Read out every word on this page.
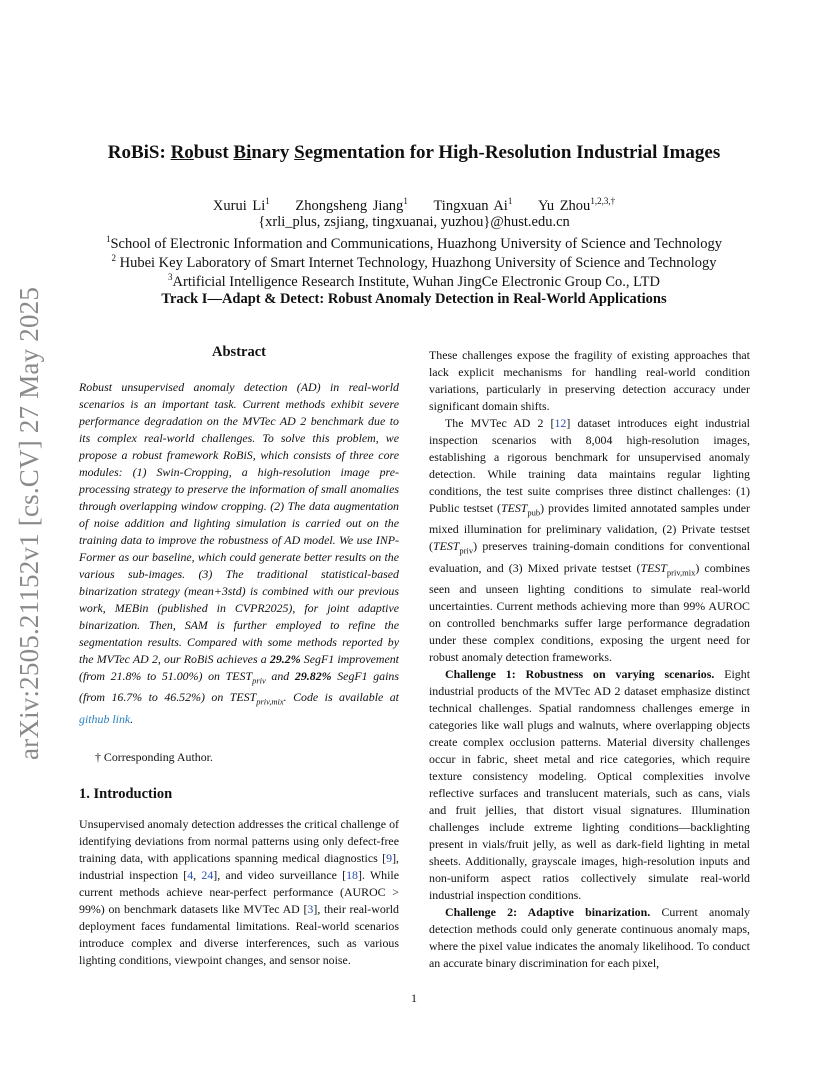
arXiv:2505.21152v1 [cs.CV] 27 May 2025
RoBiS: Robust Binary Segmentation for High-Resolution Industrial Images
Xurui Li$^1$ Zhongsheng Jiang$^1$ Tingxuan Ai$^1$ Yu Zhou$^{1,2,3,\dagger}$
{xrli_plus, zsjiang, tingxuanai, yuzhou}@hust.edu.cn
$^1$School of Electronic Information and Communications, Huazhong University of Science and Technology
$^2$ Hubei Key Laboratory of Smart Internet Technology, Huazhong University of Science and Technology
$^3$Artificial Intelligence Research Institute, Wuhan JingCe Electronic Group Co., LTD
Track I—Adapt & Detect: Robust Anomaly Detection in Real-World Applications
Abstract

Robust unsupervised anomaly detection (AD) in real-world scenarios is an important task. Current methods exhibit severe performance degradation on the MVTec AD 2 benchmark due to its complex real-world challenges. To solve this problem, we propose a robust framework RoBiS, which consists of three core modules: (1) Swin-Cropping, a high-resolution image pre-processing strategy to preserve the information of small anomalies through overlapping window cropping. (2) The data augmentation of noise addition and lighting simulation is carried out on the training data to improve the robustness of AD model. We use INP-Former as our baseline, which could generate better results on the various sub-images. (3) The traditional statistical-based binarization strategy (mean+3std) is combined with our previous work, MEBin (published in CVPR2025), for joint adaptive binarization. Then, SAM is further employed to refine the segmentation results. Compared with some methods reported by the MVTec AD 2, our RoBiS achieves a 29.2% SegF1 improvement (from 21.8% to 51.00%) on $TEST_{priv}$ and 29.82% SegF1 gains (from 16.7% to 46.52%) on $TEST_{priv,mix}$. Code is available at github link.

† Corresponding Author.
1. Introduction

Unsupervised anomaly detection addresses the critical challenge of identifying deviations from normal patterns using only defect-free training data, with applications spanning medical diagnostics [9], industrial inspection [4, 24], and video surveillance [18]. While current methods achieve near-perfect performance (AUROC > 99%) on benchmark datasets like MVTec AD [3], their real-world deployment faces fundamental limitations. Real-world scenarios introduce complex and diverse interferences, such as various lighting conditions, viewpoint changes, and sensor noise.

These challenges expose the fragility of existing approaches that lack explicit mechanisms for handling real-world condition variations, particularly in preserving detection accuracy under significant domain shifts.

The MVTec AD 2 [12] dataset introduces eight industrial inspection scenarios with 8,004 high-resolution images, establishing a rigorous benchmark for unsupervised anomaly detection. While training data maintains regular lighting conditions, the test suite comprises three distinct challenges: (1) Public testset $(TEST_{pub})$ provides limited annotated samples under mixed illumination for preliminary validation, (2) Private testset $(TEST_{priv})$ preserves training-domain conditions for conventional evaluation, and (3) Mixed private testset $(TEST_{priv,mix})$ combines seen and unseen lighting conditions to simulate real-world uncertainties. Current methods achieving more than 99% AUROC on controlled benchmarks suffer large performance degradation under these complex conditions, exposing the urgent need for robust anomaly detection frameworks.

Challenge 1: Robustness on varying scenarios. Eight industrial products of the MVTec AD 2 dataset emphasize distinct technical challenges. Spatial randomness challenges emerge in categories like wall plugs and walnuts, where overlapping objects create complex occlusion patterns. Material diversity challenges occur in fabric, sheet metal and rice categories, which require texture consistency modeling. Optical complexities involve reflective surfaces and translucent materials, such as cans, vials and fruit jellies, that distort visual signatures. Illumination challenges include extreme lighting conditions—backlighting present in vials/fruit jelly, as well as dark-field lighting in metal sheets. Additionally, grayscale images, high-resolution inputs and non-uniform aspect ratios collectively simulate real-world industrial inspection conditions.

Challenge 2: Adaptive binarization. Current anomaly detection methods could only generate continuous anomaly maps, where the pixel value indicates the anomaly likelihood. To conduct an accurate binary discrimination for each pixel,

1
